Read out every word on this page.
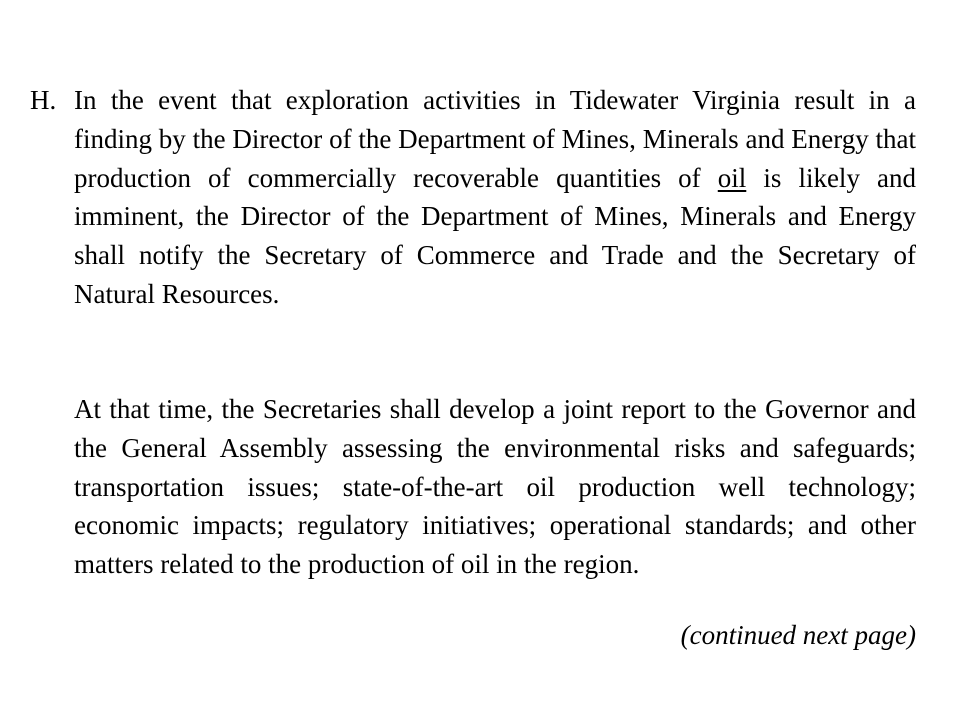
H. In the event that exploration activities in Tidewater Virginia result in a finding by the Director of the Department of Mines, Minerals and Energy that production of commercially recoverable quantities of oil is likely and imminent, the Director of the Department of Mines, Minerals and Energy shall notify the Secretary of Commerce and Trade and the Secretary of Natural Resources.

At that time, the Secretaries shall develop a joint report to the Governor and the General Assembly assessing the environmental risks and safeguards; transportation issues; state-of-the-art oil production well technology; economic impacts; regulatory initiatives; operational standards; and other matters related to the production of oil in the region.

(continued next page)
